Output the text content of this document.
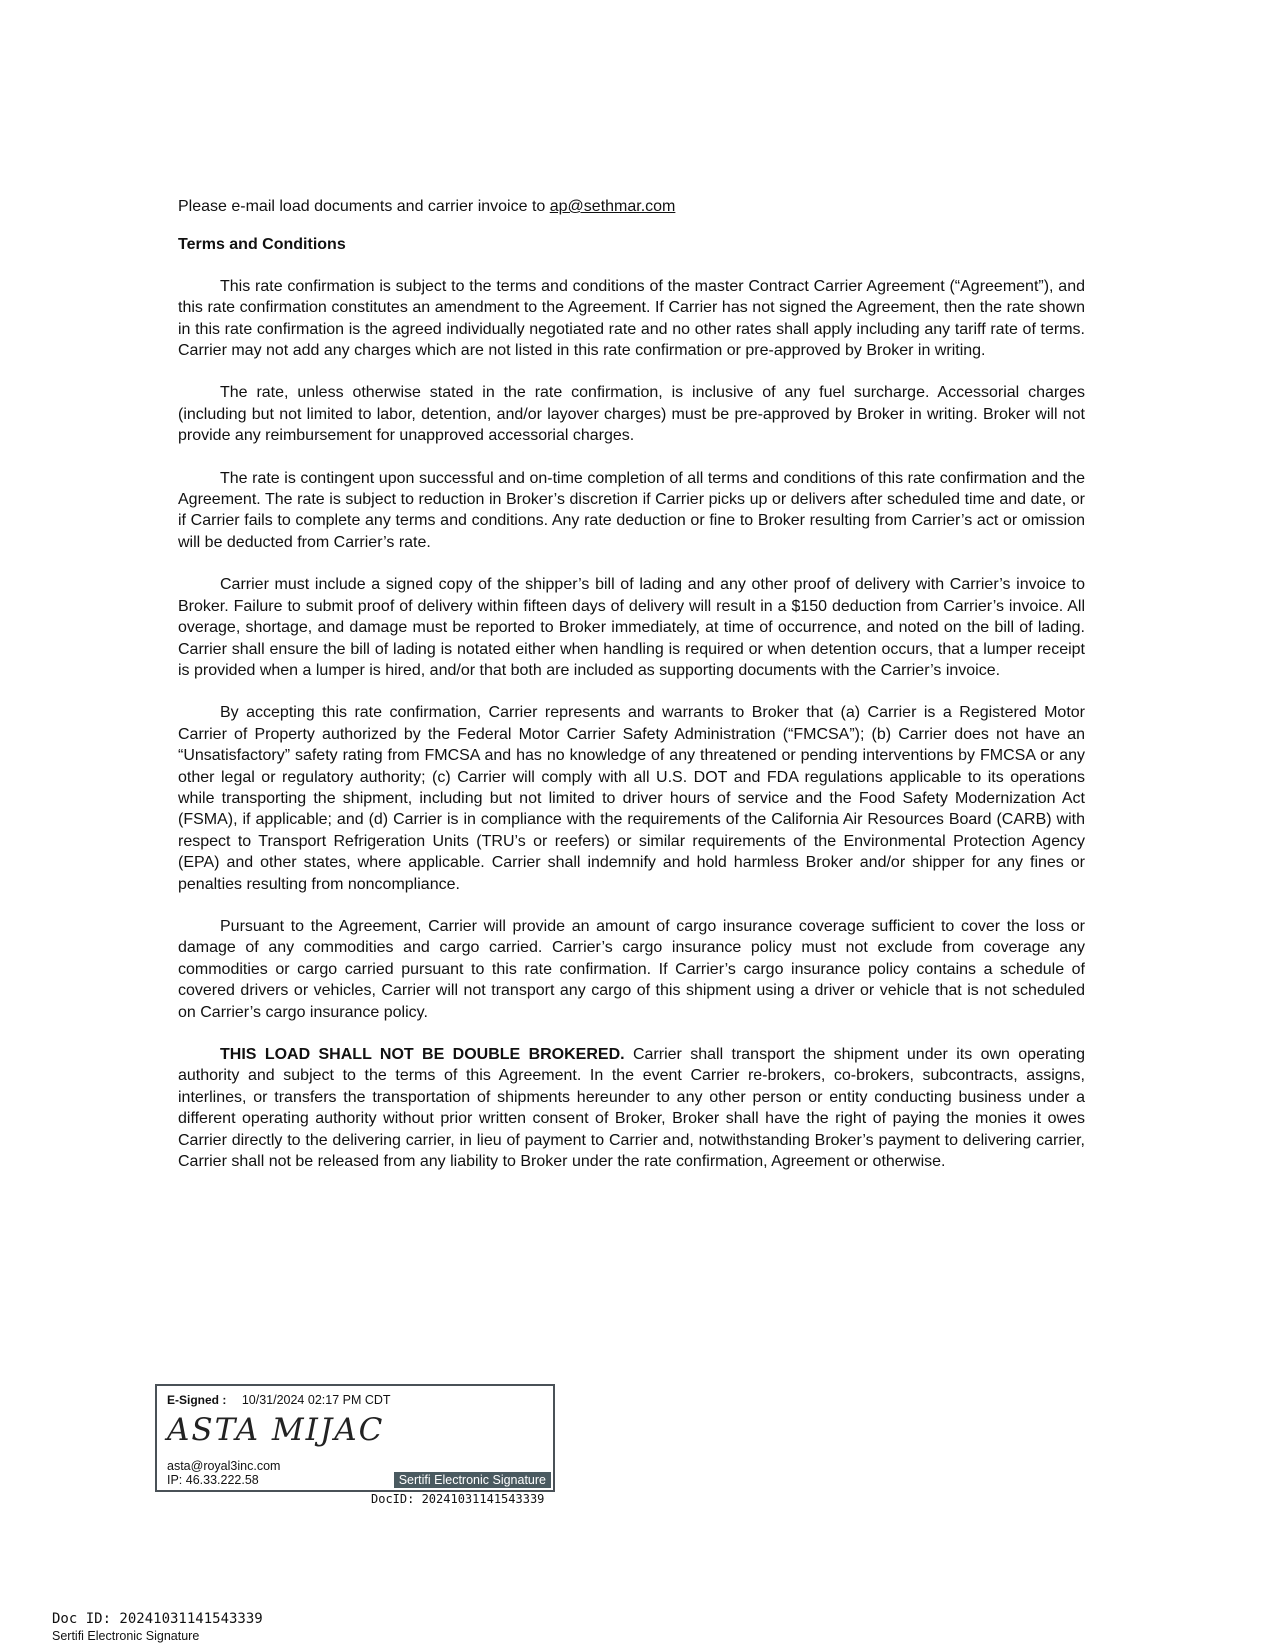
Please e-mail load documents and carrier invoice to ap@sethmar.com

Terms and Conditions

This rate confirmation is subject to the terms and conditions of the master Contract Carrier Agreement (“Agreement”), and this rate confirmation constitutes an amendment to the Agreement. If Carrier has not signed the Agreement, then the rate shown in this rate confirmation is the agreed individually negotiated rate and no other rates shall apply including any tariff rate of terms. Carrier may not add any charges which are not listed in this rate confirmation or pre-approved by Broker in writing.

The rate, unless otherwise stated in the rate confirmation, is inclusive of any fuel surcharge. Accessorial charges (including but not limited to labor, detention, and/or layover charges) must be pre-approved by Broker in writing. Broker will not provide any reimbursement for unapproved accessorial charges.

The rate is contingent upon successful and on-time completion of all terms and conditions of this rate confirmation and the Agreement. The rate is subject to reduction in Broker’s discretion if Carrier picks up or delivers after scheduled time and date, or if Carrier fails to complete any terms and conditions. Any rate deduction or fine to Broker resulting from Carrier’s act or omission will be deducted from Carrier’s rate.

Carrier must include a signed copy of the shipper’s bill of lading and any other proof of delivery with Carrier’s invoice to Broker. Failure to submit proof of delivery within fifteen days of delivery will result in a $150 deduction from Carrier’s invoice. All overage, shortage, and damage must be reported to Broker immediately, at time of occurrence, and noted on the bill of lading. Carrier shall ensure the bill of lading is notated either when handling is required or when detention occurs, that a lumper receipt is provided when a lumper is hired, and/or that both are included as supporting documents with the Carrier’s invoice.

By accepting this rate confirmation, Carrier represents and warrants to Broker that (a) Carrier is a Registered Motor Carrier of Property authorized by the Federal Motor Carrier Safety Administration (“FMCSA”); (b) Carrier does not have an “Unsatisfactory” safety rating from FMCSA and has no knowledge of any threatened or pending interventions by FMCSA or any other legal or regulatory authority; (c) Carrier will comply with all U.S. DOT and FDA regulations applicable to its operations while transporting the shipment, including but not limited to driver hours of service and the Food Safety Modernization Act (FSMA), if applicable; and (d) Carrier is in compliance with the requirements of the California Air Resources Board (CARB) with respect to Transport Refrigeration Units (TRU’s or reefers) or similar requirements of the Environmental Protection Agency (EPA) and other states, where applicable. Carrier shall indemnify and hold harmless Broker and/or shipper for any fines or penalties resulting from noncompliance.

Pursuant to the Agreement, Carrier will provide an amount of cargo insurance coverage sufficient to cover the loss or damage of any commodities and cargo carried. Carrier’s cargo insurance policy must not exclude from coverage any commodities or cargo carried pursuant to this rate confirmation. If Carrier’s cargo insurance policy contains a schedule of covered drivers or vehicles, Carrier will not transport any cargo of this shipment using a driver or vehicle that is not scheduled on Carrier’s cargo insurance policy.

THIS LOAD SHALL NOT BE DOUBLE BROKERED. Carrier shall transport the shipment under its own operating authority and subject to the terms of this Agreement. In the event Carrier re-brokers, co-brokers, subcontracts, assigns, interlines, or transfers the transportation of shipments hereunder to any other person or entity conducting business under a different operating authority without prior written consent of Broker, Broker shall have the right of paying the monies it owes Carrier directly to the delivering carrier, in lieu of payment to Carrier and, notwithstanding Broker’s payment to delivering carrier, Carrier shall not be released from any liability to Broker under the rate confirmation, Agreement or otherwise.

E-Signed : 10/31/2024 02:17 PM CDT
ASTA MIJAC
asta@royal3inc.com
IP: 46.33.222.58	Sertifi Electronic Signature
DocID: 20241031141543339
Doc ID: 20241031141543339
Sertifi Electronic Signature
